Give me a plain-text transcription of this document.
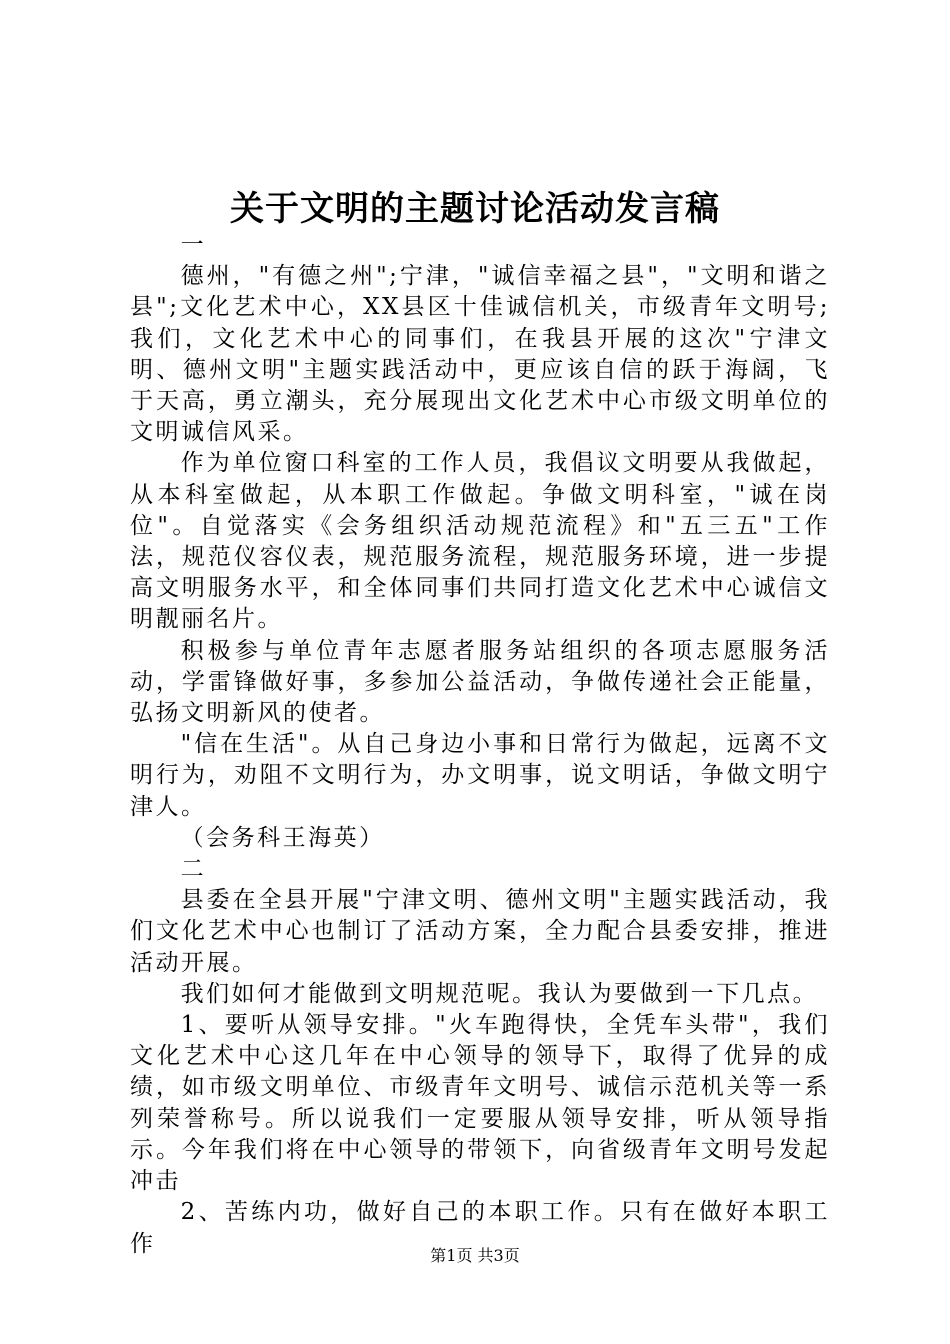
关于文明的主题讨论活动发言稿

一

德州，"有德之州";宁津，"诚信幸福之县"，"文明和谐之县";文化艺术中心，XX县区十佳诚信机关，市级青年文明号;我们，文化艺术中心的同事们，在我县开展的这次"宁津文明、德州文明"主题实践活动中，更应该自信的跃于海阔，飞于天高，勇立潮头，充分展现出文化艺术中心市级文明单位的文明诚信风采。

作为单位窗口科室的工作人员，我倡议文明要从我做起，从本科室做起，从本职工作做起。争做文明科室，"诚在岗位"。自觉落实《会务组织活动规范流程》和"五三五"工作法，规范仪容仪表，规范服务流程，规范服务环境，进一步提高文明服务水平，和全体同事们共同打造文化艺术中心诚信文明靓丽名片。

积极参与单位青年志愿者服务站组织的各项志愿服务活动，学雷锋做好事，多参加公益活动，争做传递社会正能量，弘扬文明新风的使者。

"信在生活"。从自己身边小事和日常行为做起，远离不文明行为，劝阻不文明行为，办文明事，说文明话，争做文明宁津人。

（会务科王海英）

二

县委在全县开展"宁津文明、德州文明"主题实践活动，我们文化艺术中心也制订了活动方案，全力配合县委安排，推进活动开展。

我们如何才能做到文明规范呢。我认为要做到一下几点。

1、要听从领导安排。"火车跑得快，全凭车头带"，我们文化艺术中心这几年在中心领导的领导下，取得了优异的成绩，如市级文明单位、市级青年文明号、诚信示范机关等一系列荣誉称号。所以说我们一定要服从领导安排，听从领导指示。今年我们将在中心领导的带领下，向省级青年文明号发起冲击

2、苦练内功，做好自己的本职工作。只有在做好本职工作	第1页 共3页
